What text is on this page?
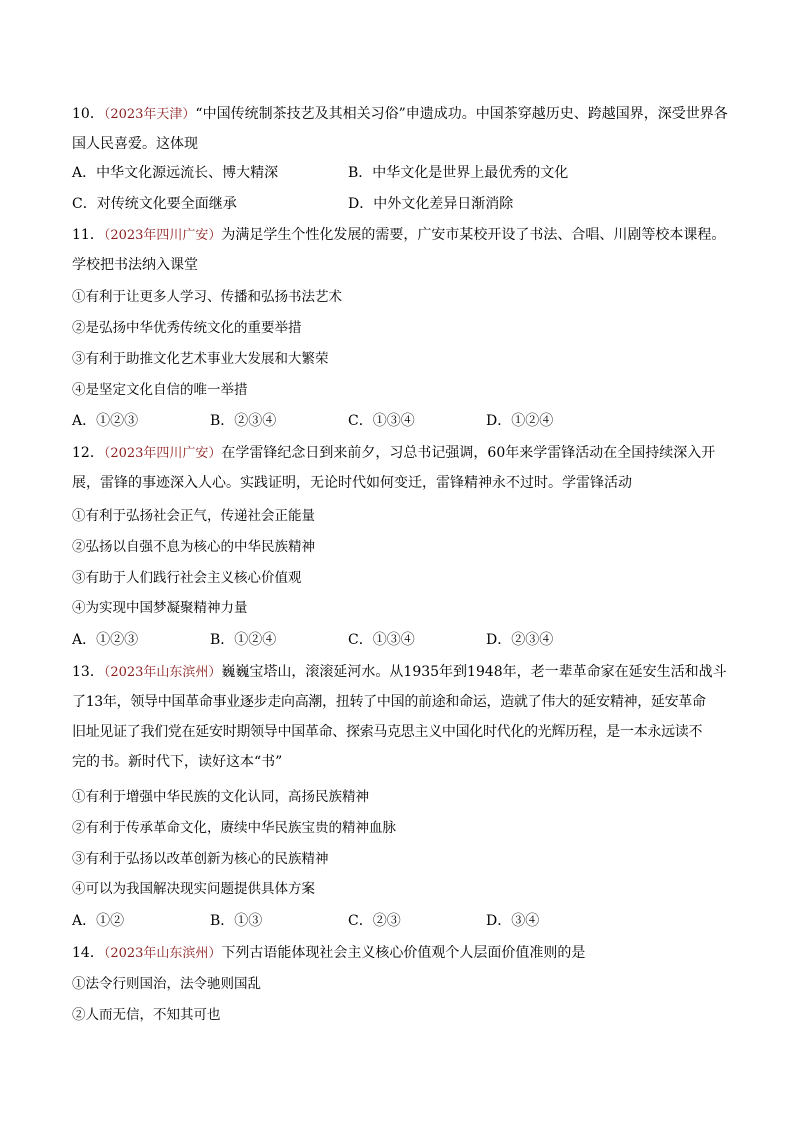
10．（2023年天津）“中国传统制茶技艺及其相关习俗”申遗成功。中国茶穿越历史、跨越国界，深受世界各
国人民喜爱。这体现
A．中华文化源远流长、博大精深	B．中华文化是世界上最优秀的文化
C．对传统文化要全面继承	D．中外文化差异日渐消除
11．（2023年四川广安）为满足学生个性化发展的需要，广安市某校开设了书法、合唱、川剧等校本课程。
学校把书法纳入课堂
①有利于让更多人学习、传播和弘扬书法艺术
②是弘扬中华优秀传统文化的重要举措
③有利于助推文化艺术事业大发展和大繁荣
④是坚定文化自信的唯一举措
A．①②③	B．②③④	C．①③④	D．①②④
12．（2023年四川广安）在学雷锋纪念日到来前夕，习总书记强调，60年来学雷锋活动在全国持续深入开
展，雷锋的事迹深入人心。实践证明，无论时代如何变迁，雷锋精神永不过时。学雷锋活动
①有利于弘扬社会正气，传递社会正能量
②弘扬以自强不息为核心的中华民族精神
③有助于人们践行社会主义核心价值观
④为实现中国梦凝聚精神力量
A．①②③	B．①②④	C．①③④	D．②③④
13．（2023年山东滨州）巍巍宝塔山，滚滚延河水。从1935年到1948年，老一辈革命家在延安生活和战斗
了13年，领导中国革命事业逐步走向高潮，扭转了中国的前途和命运，造就了伟大的延安精神，延安革命
旧址见证了我们党在延安时期领导中国革命、探索马克思主义中国化时代化的光辉历程，是一本永远读不
完的书。新时代下，读好这本“书”
①有利于增强中华民族的文化认同，高扬民族精神
②有利于传承革命文化，赓续中华民族宝贵的精神血脉
③有利于弘扬以改革创新为核心的民族精神
④可以为我国解决现实问题提供具体方案
A．①②	B．①③	C．②③	D．③④
14．（2023年山东滨州）下列古语能体现社会主义核心价值观个人层面价值准则的是
①法令行则国治，法令驰则国乱
②人而无信，不知其可也
